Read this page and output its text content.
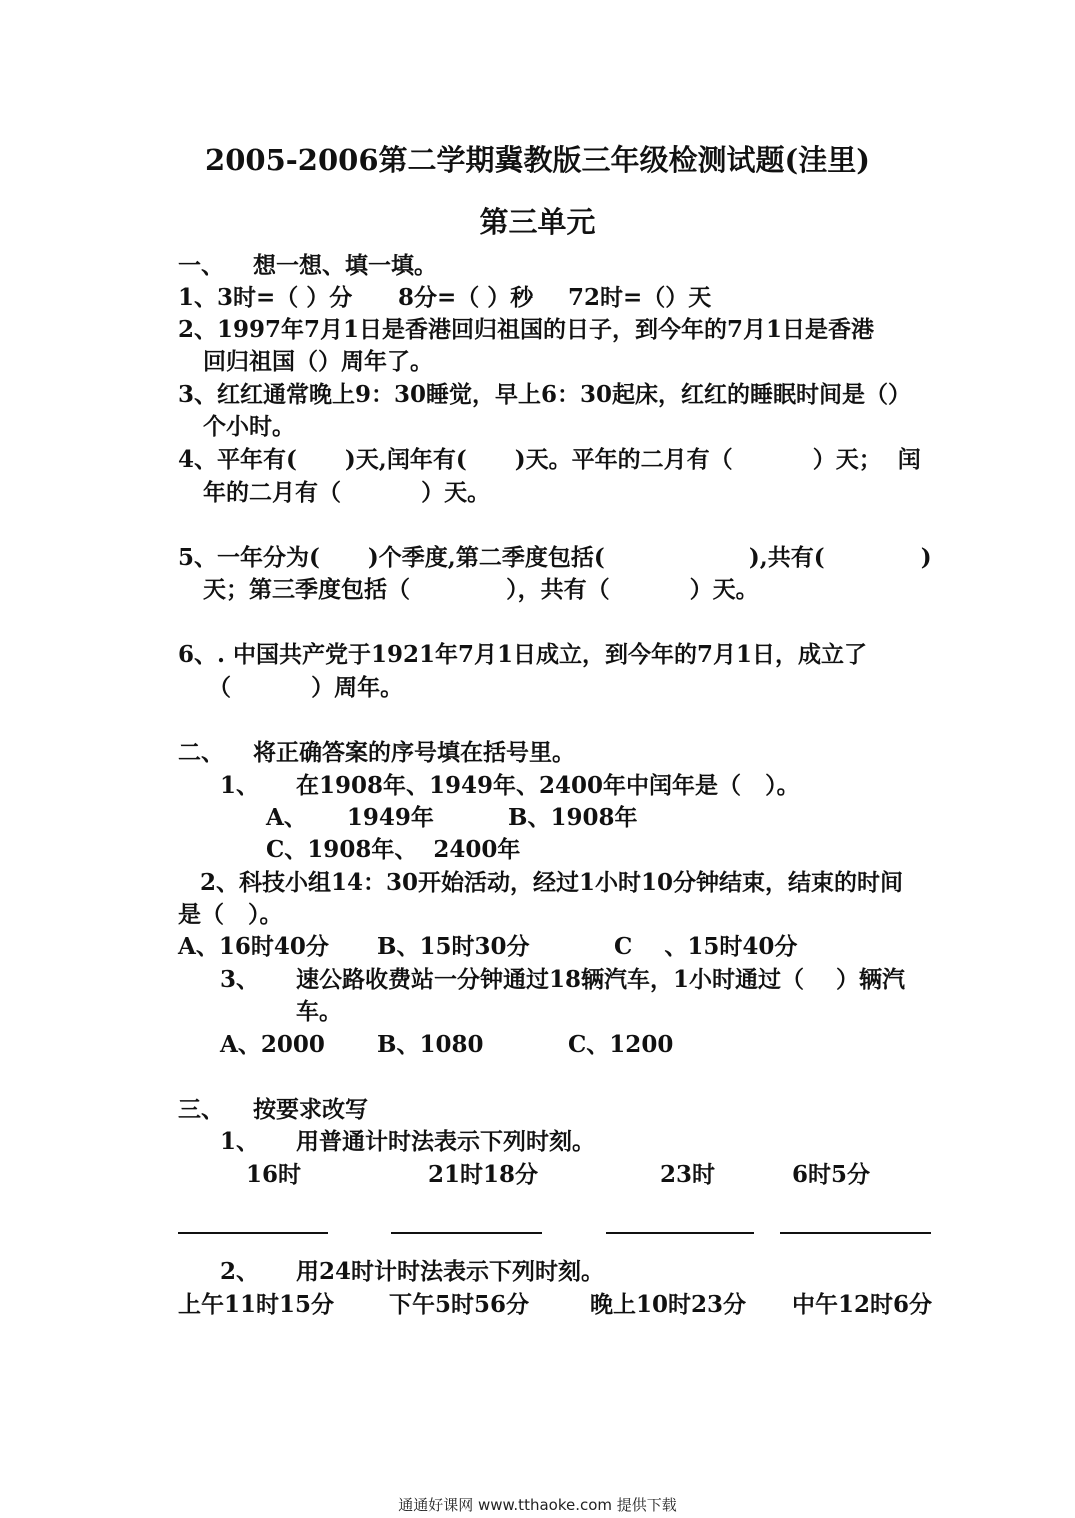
2005-2006第二学期冀教版三年级检测试题(洼里)
第三单元
一、 想一想、填一填。
1、3时=（ ）分 8分=（ ）秒 72时=（）天
2、1997年7月1日是香港回归祖国的日子，到今年的7月1日是香港
回归祖国（）周年了。
3、红红通常晚上9：30睡觉，早上6：30起床，红红的睡眠时间是（）
个小时。
4、平年有(      )天,闰年有(      )天。平年的二月有（          ）天；  闰
年的二月有（          ）天。
5、一年分为(      )个季度,第二季度包括(                  ),共有(            )
天；第三季度包括（            ），共有（          ）天。
6、. 中国共产党于1921年7月1日成立，到今年的7月1日，成立了
（          ）周年。
二、 将正确答案的序号填在括号里。
1、 在1908年、1949年、2400年中闰年是（   ）。
A、     1949年	B、1908年
C、1908年、  2400年
2、科技小组14：30开始活动，经过1小时10分钟结束，结束的时间
是（   ）。
A、16时40分 B、15时30分	C    、15时40分
3、 速公路收费站一分钟通过18辆汽车，1小时通过（    ）辆汽
车。
A、2000 B、1080	C、1200
三、 按要求改写
1、 用普通计时法表示下列时刻。
16时	21时18分	23时	6时5分
2、 用24时计时法表示下列时刻。
上午11时15分 下午5时56分	晚上10时23分 中午12时6分
通通好课网 www.tthaoke.com 提供下载
